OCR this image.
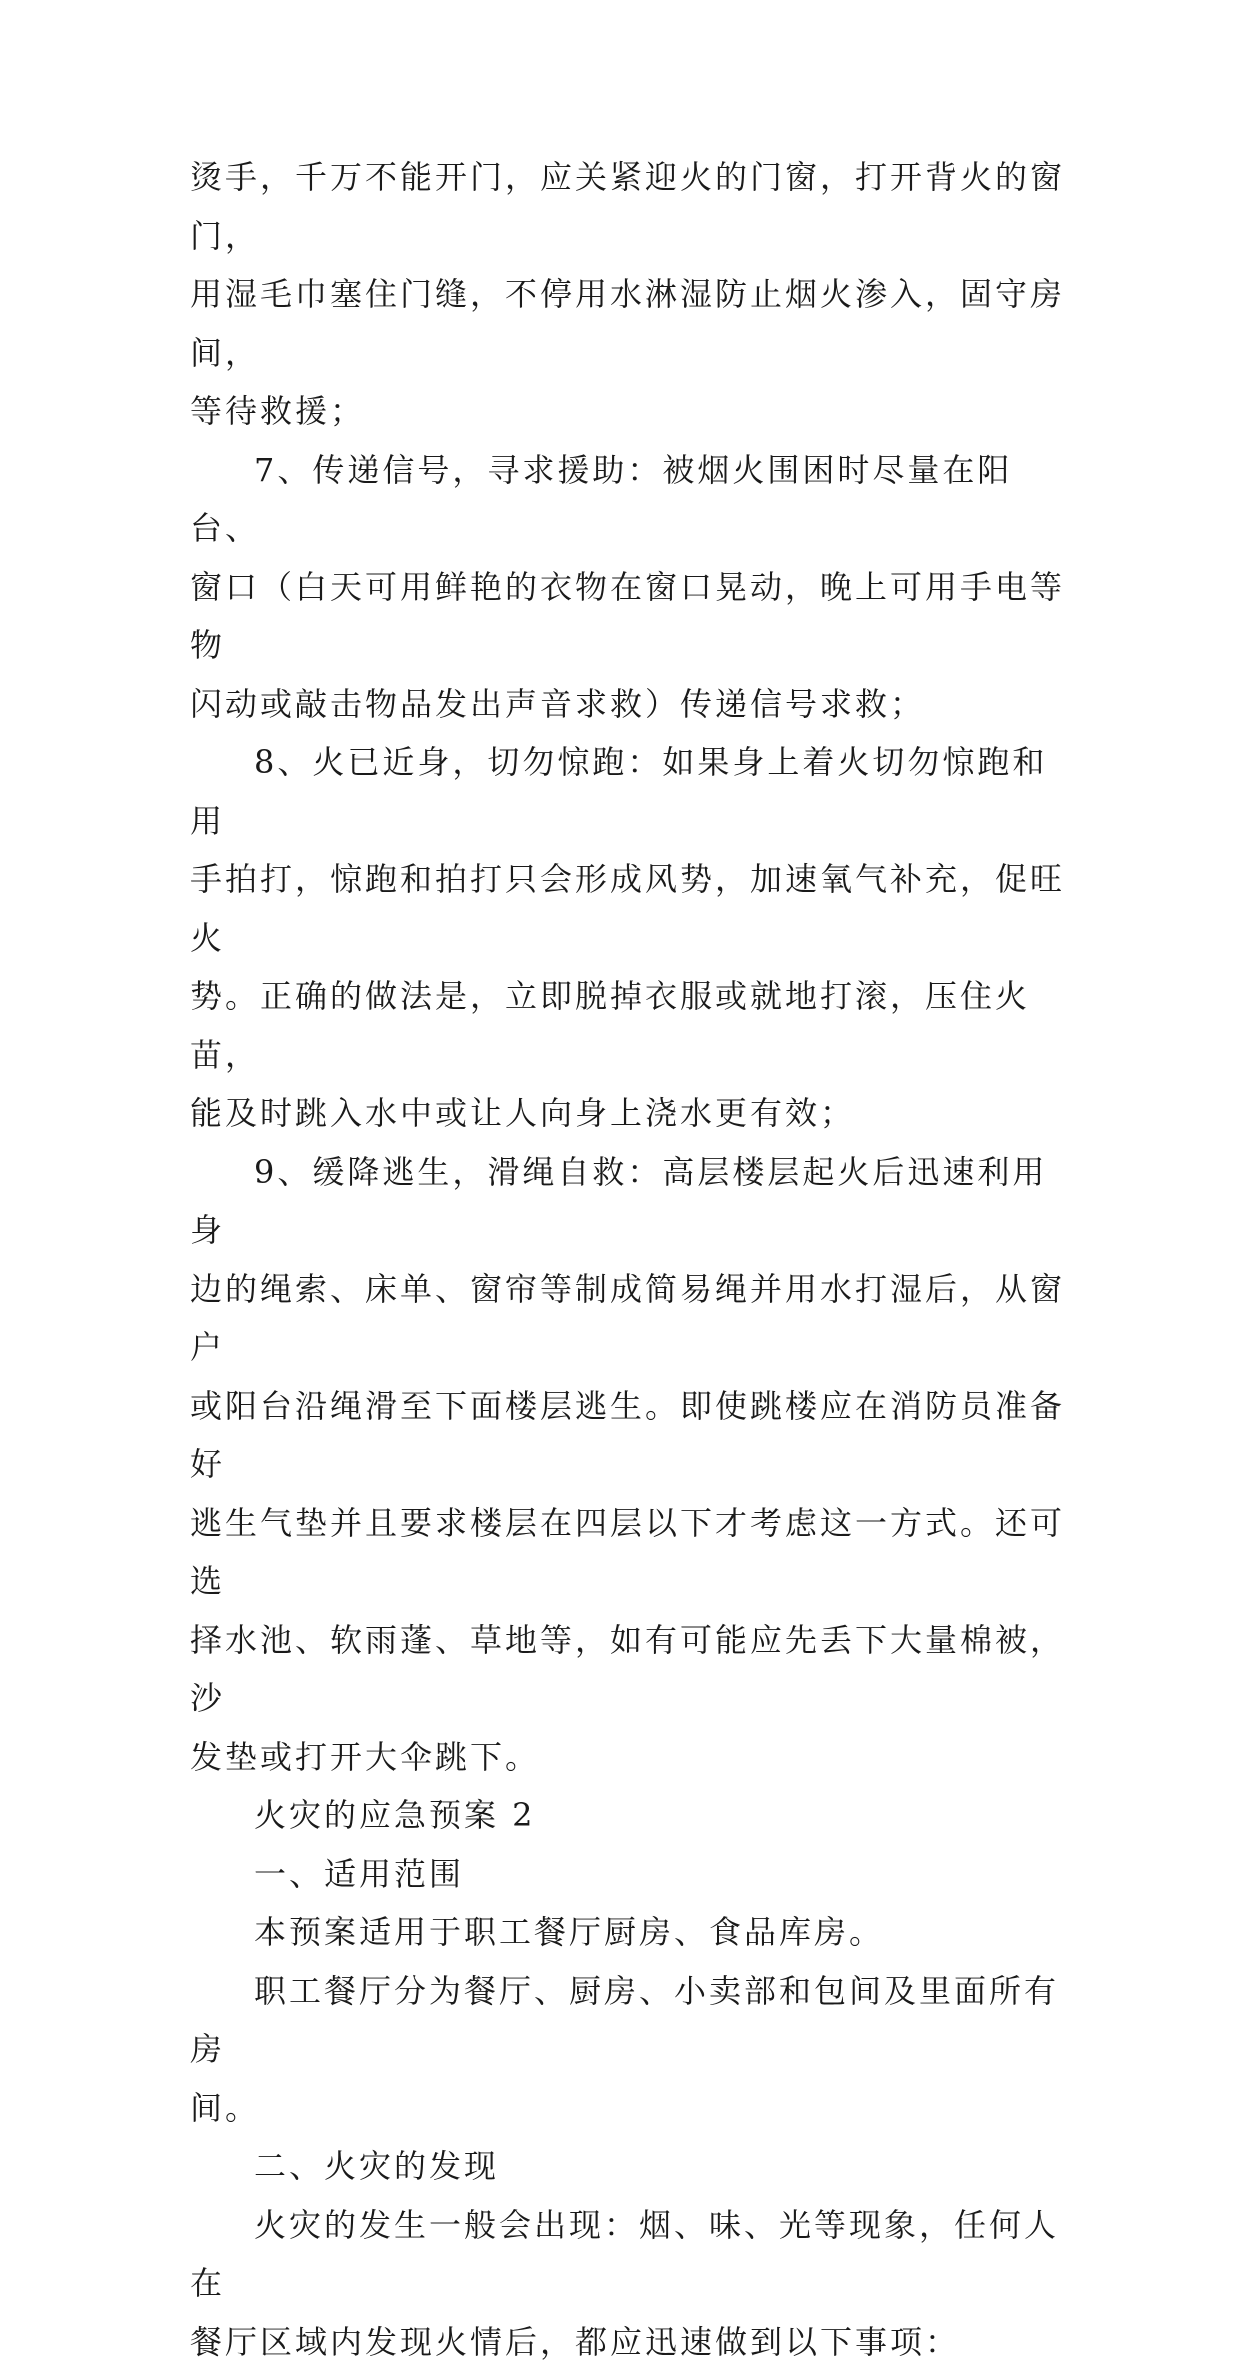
烫手，千万不能开门，应关紧迎火的门窗，打开背火的窗门，

用湿毛巾塞住门缝，不停用水淋湿防止烟火渗入，固守房间，

等待救援；

7、传递信号，寻求援助：被烟火围困时尽量在阳台、

窗口（白天可用鲜艳的衣物在窗口晃动，晚上可用手电等物

闪动或敲击物品发出声音求救）传递信号求救；

8、火已近身，切勿惊跑：如果身上着火切勿惊跑和用

手拍打，惊跑和拍打只会形成风势，加速氧气补充，促旺火

势。正确的做法是，立即脱掉衣服或就地打滚，压住火苗，

能及时跳入水中或让人向身上浇水更有效；

9、缓降逃生，滑绳自救：高层楼层起火后迅速利用身

边的绳索、床单、窗帘等制成简易绳并用水打湿后，从窗户

或阳台沿绳滑至下面楼层逃生。即使跳楼应在消防员准备好

逃生气垫并且要求楼层在四层以下才考虑这一方式。还可选

择水池、软雨蓬、草地等，如有可能应先丢下大量棉被，沙

发垫或打开大伞跳下。

火灾的应急预案 2

一、适用范围

本预案适用于职工餐厅厨房、食品库房。

职工餐厅分为餐厅、厨房、小卖部和包间及里面所有房

间。

二、火灾的发现

火灾的发生一般会出现：烟、味、光等现象，任何人在

餐厅区域内发现火情后，都应迅速做到以下事项：
